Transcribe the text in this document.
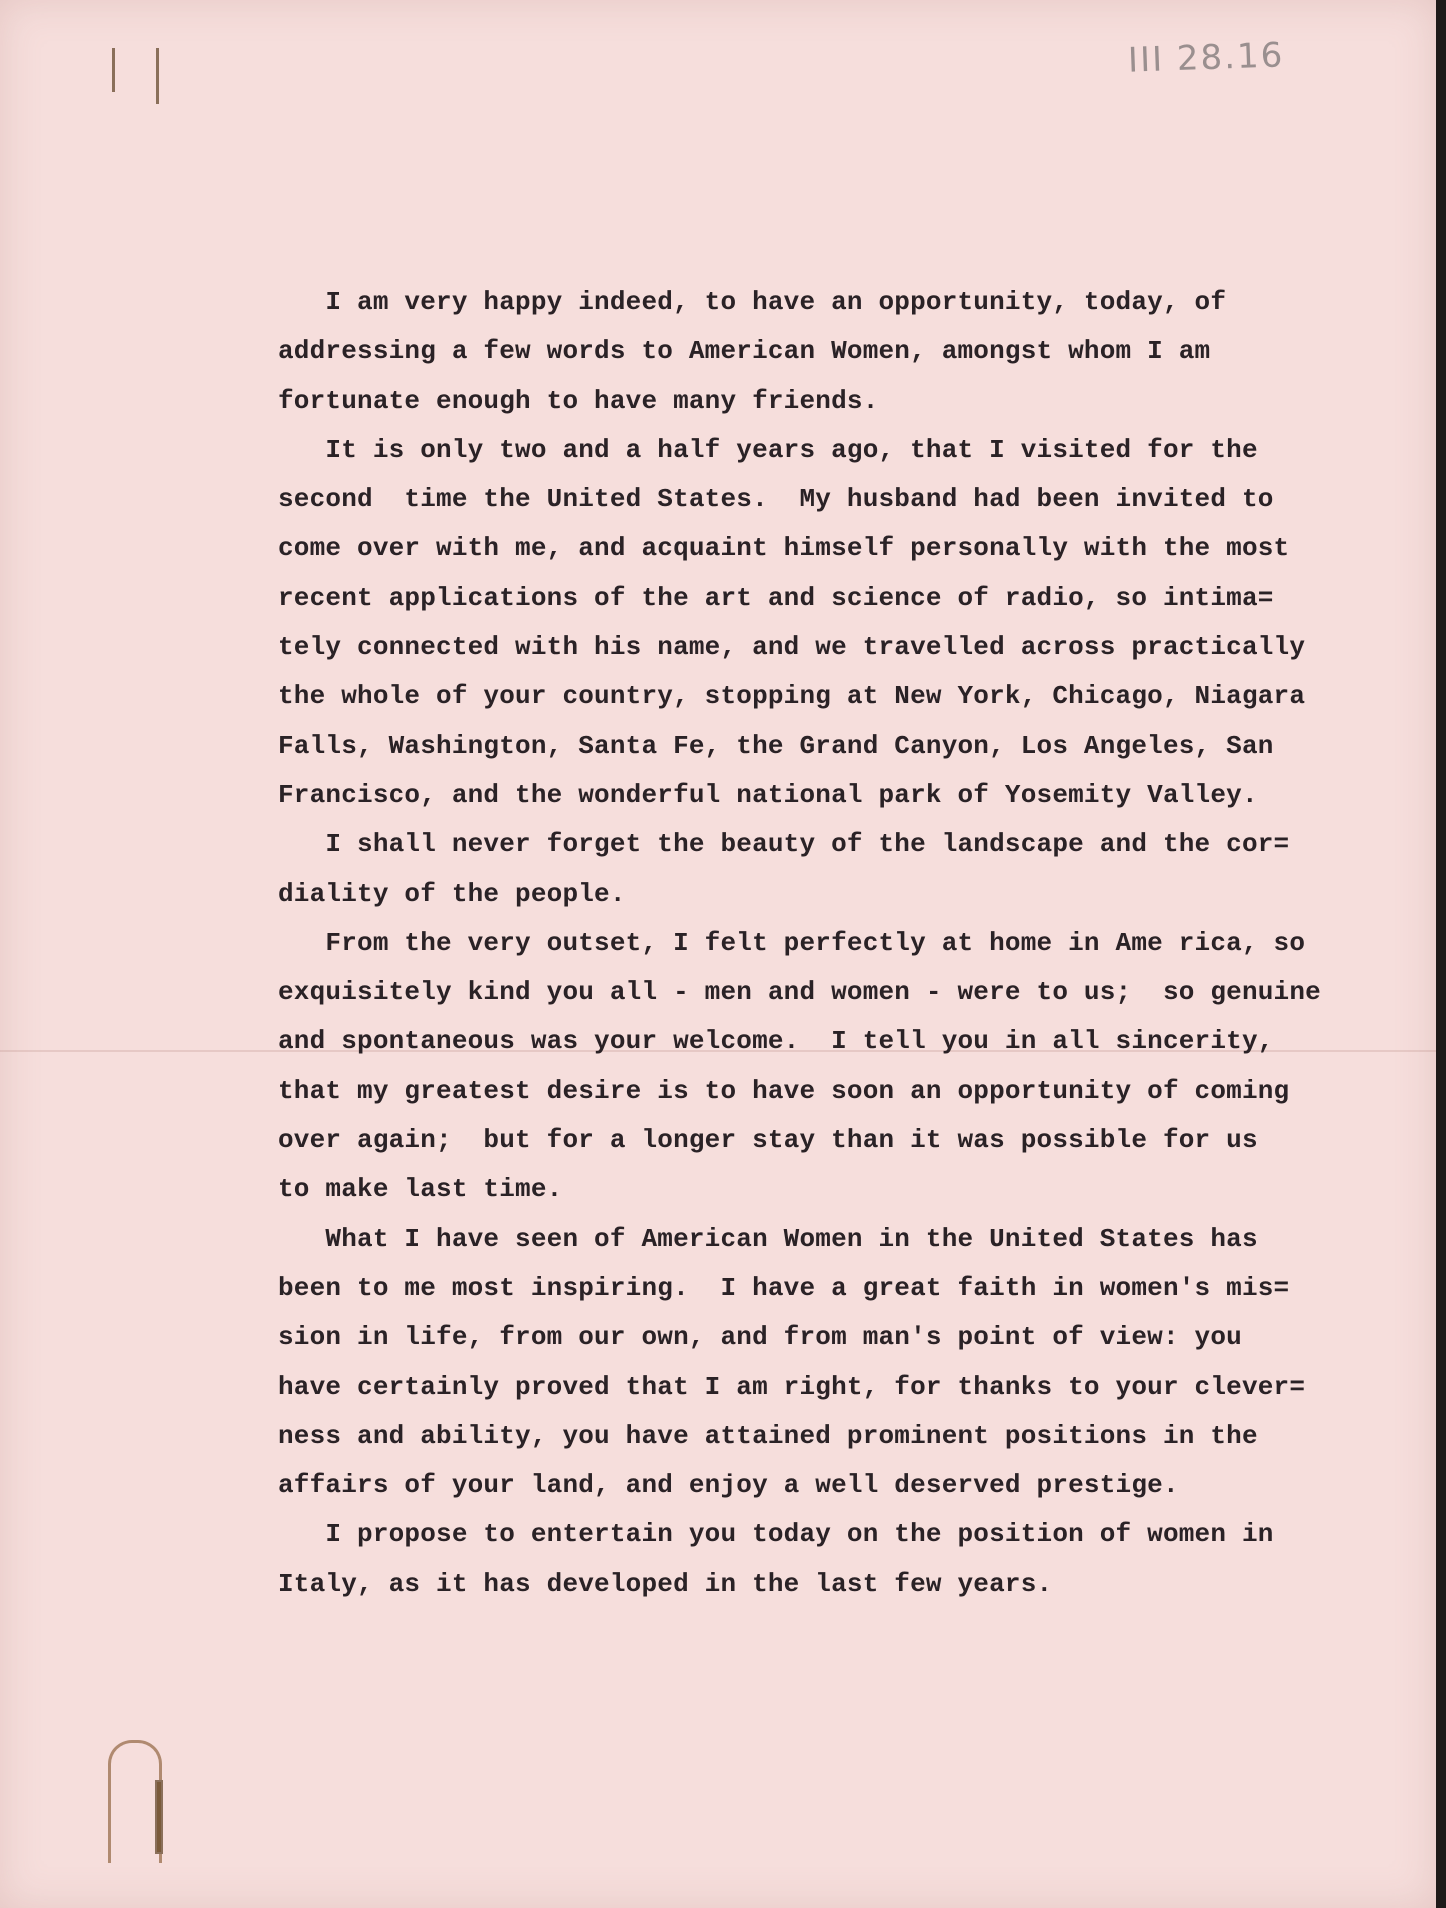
III 28.16
I am very happy indeed, to have an opportunity, today, of
addressing a few words to American Women, amongst whom I am
fortunate enough to have many friends.
It is only two and a half years ago, that I visited for the
second  time the United States.  My husband had been invited to
come over with me, and acquaint himself personally with the most
recent applications of the art and science of radio, so intima=
tely connected with his name, and we travelled across practically
the whole of your country, stopping at New York, Chicago, Niagara
Falls, Washington, Santa Fe, the Grand Canyon, Los Angeles, San
Francisco, and the wonderful national park of Yosemity Valley.
I shall never forget the beauty of the landscape and the cor=
diality of the people.
From the very outset, I felt perfectly at home in Ame rica, so
exquisitely kind you all - men and women - were to us;  so genuine
and spontaneous was your welcome.  I tell you in all sincerity,
that my greatest desire is to have soon an opportunity of coming
over again;  but for a longer stay than it was possible for us
to make last time.
What I have seen of American Women in the United States has
been to me most inspiring.  I have a great faith in women's mis=
sion in life, from our own, and from man's point of view: you
have certainly proved that I am right, for thanks to your clever=
ness and ability, you have attained prominent positions in the
affairs of your land, and enjoy a well deserved prestige.
I propose to entertain you today on the position of women in
Italy, as it has developed in the last few years.
